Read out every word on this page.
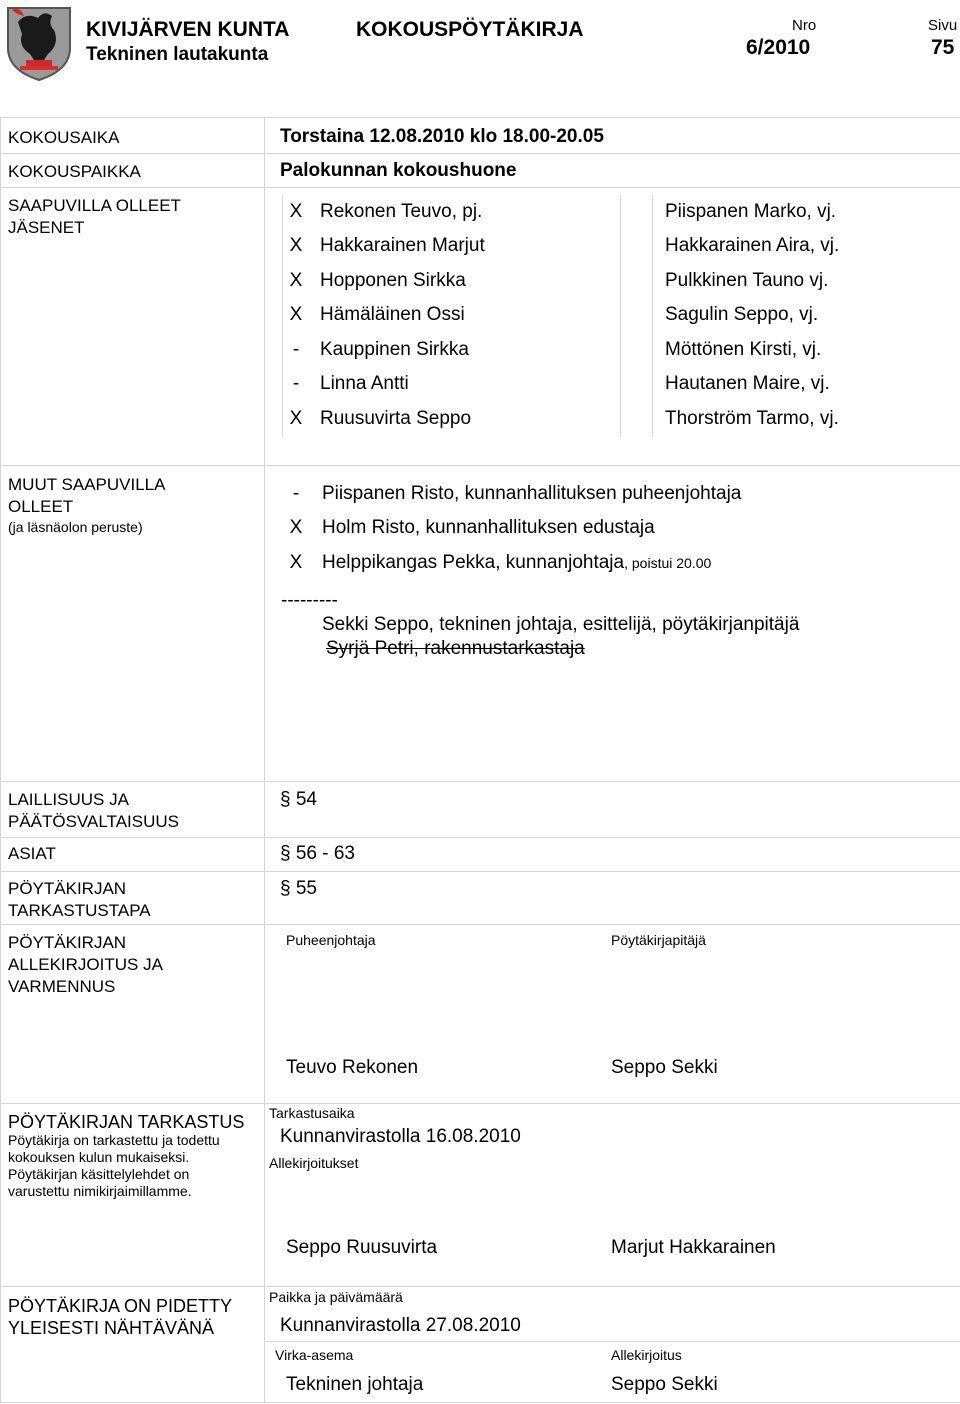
KIVIJÄRVEN KUNTA
Tekninen lautakunta
KOKOUSPÖYTÄKIRJA	Nro
6/2010
Sivu
75
KOKOUSAIKA	Torstaina 12.08.2010 klo 18.00-20.05
KOKOUSPAIKKA	Palokunnan kokoushuone
SAAPUVILLA OLLEET
JÄSENET
X Rekonen Teuvo, pj.	Piispanen Marko, vj.
X Hakkarainen Marjut	Hakkarainen Aira, vj.
X Hopponen Sirkka	Pulkkinen Tauno vj.
X Hämäläinen Ossi	Sagulin Seppo, vj.
-	Kauppinen Sirkka	Möttönen Kirsti, vj.
-	Linna Antti	Hautanen Maire, vj.
X Ruusuvirta Seppo	Thorström Tarmo, vj.
MUUT SAAPUVILLA
OLLEET
(ja läsnäolon peruste)
-	Piispanen Risto, kunnanhallituksen puheenjohtaja
X Holm Risto, kunnanhallituksen edustaja
X Helppikangas Pekka, kunnanjohtaja, poistui 20.00
---------
Sekki Seppo, tekninen johtaja, esittelijä, pöytäkirjanpitäjä
Syrjä Petri, rakennustarkastaja
LAILLISUUS JA
PÄÄTÖSVALTAISUUS
§ 54
ASIAT	§ 56 - 63
PÖYTÄKIRJAN
TARKASTUSTAPA
§ 55
PÖYTÄKIRJAN
ALLEKIRJOITUS JA
VARMENNUS
Puheenjohtaja	Pöytäkirjapitäjä
Teuvo Rekonen	Seppo Sekki
PÖYTÄKIRJAN TARKASTUS
Pöytäkirja on tarkastettu ja todettu
kokouksen kulun mukaiseksi.
Pöytäkirjan käsittelylehdet on
varustettu nimikirjaimillamme.
Tarkastusaika
Kunnanvirastolla 16.08.2010
Allekirjoitukset
Seppo Ruusuvirta	Marjut Hakkarainen
PÖYTÄKIRJA ON PIDETTY
YLEISESTI NÄHTÄVÄNÄ
Paikka ja päivämäärä
Kunnanvirastolla 27.08.2010
Virka-asema
Tekninen johtaja
Allekirjoitus
Seppo Sekki
